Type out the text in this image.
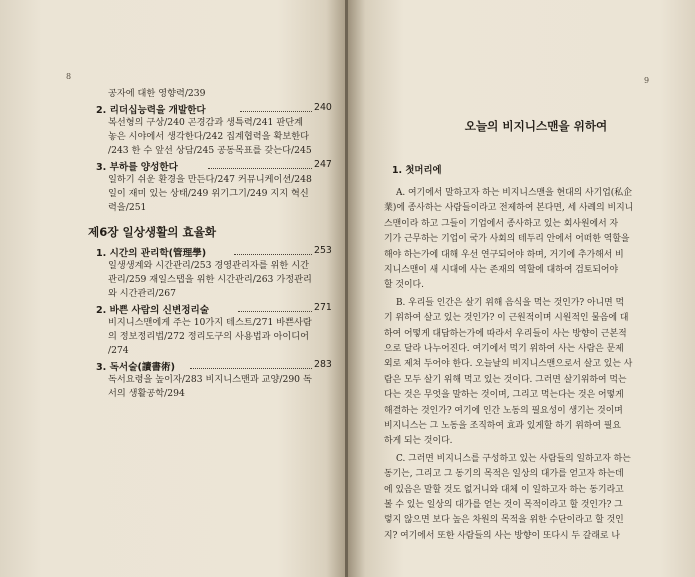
8
공자에 대한 영향력/239
2. 리더십능력을 개발한다	240
복선형의 구상/240 곤경감과 생특력/241 판단계
놓은 시야에서 생각한다/242 집계협력을 확보한다
/243 한 수 앞선 상담/245 공동목표를 갖는다/245
3. 부하를 양성한다	247
일하기 쉬운 환경을 만든다/247 커뮤니케이션/248
일이 재미 있는 상태/249 위기그기/249 지지 혁신
력을/251
제6장 일상생활의 효율화
1. 시간의 관리학(管理學)	253
일생생계와 시간관리/253 경영관리자를 위한 시간
관리/259 재일스탭을 위한 시간관리/263 가정관리
와 시간관리/267
2. 바쁜 사람의 신변정리술	271
비지니스맨에게 주는 10가지 테스트/271 바쁜사람
의 정보정리법/272 정리도구의 사용법과 아이디어
/274
3. 독서술(讀書術)	283
독서요령을 높이자/283 비지니스맨과 교양/290 독
서의 생활공학/294
9
오늘의 비지니스맨을 위하여
1. 첫머리에
A. 여기에서 말하고자 하는 비지니스맨을 현대의 사기업(私企
業)에 종사하는 사람들이라고 전제하여 본다면, 세 사례의 비지니
스맨이라 하고 그들이 기업에서 종사하고 있는 회사원에서 자
기가 근무하는 기업이 국가 사회의 테두리 안에서 어떠한 역할을
해야 하는가에 대해 우선 연구되어야 하며, 거기에 추가해서 비
지니스맨이 새 시대에 사는 존재의 역할에 대하여 검토되어야
할 것이다.
B. 우리들 인간은 살기 위해 음식을 먹는 것인가? 아니면 먹
기 위하여 살고 있는 것인가? 이 근원적이며 시원적인 물음에 대
하여 어떻게 대답하는가에 따라서 우리들이 사는 방향이 근본적
으로 달라 나누어진다. 여기에서 먹기 위하여 사는 사람은 문제
외로 제쳐 두어야 한다. 오늘날의 비지니스맨으로서 살고 있는 사
람은 모두 살기 위해 먹고 있는 것이다. 그러면 살기위하여 먹는
다는 것은 무엇을 말하는 것이며, 그리고 먹는다는 것은 어떻게
해결하는 것인가? 여기에 인간 노동의 필요성이 생기는 것이며
비지니스는 그 노동을 조직하여 효과 있게할 하기 위하여 필요
하게 되는 것이다.
C. 그러면 비지니스를 구성하고 있는 사람들의 일하고자 하는
동기는, 그리고 그 동기의 목적은 일상의 대가를 얻고자 하는데
에 있음은 말할 것도 없거니와 대체 이 일하고자 하는 동기라고
볼 수 있는 일상의 대가를 얻는 것이 목적이라고 할 것인가? 그
렇지 않으면 보다 높은 차원의 목적을 위한 수단이라고 할 것인
지? 여기에서 또한 사람들의 사는 방향이 또다시 두 갈래로 나
